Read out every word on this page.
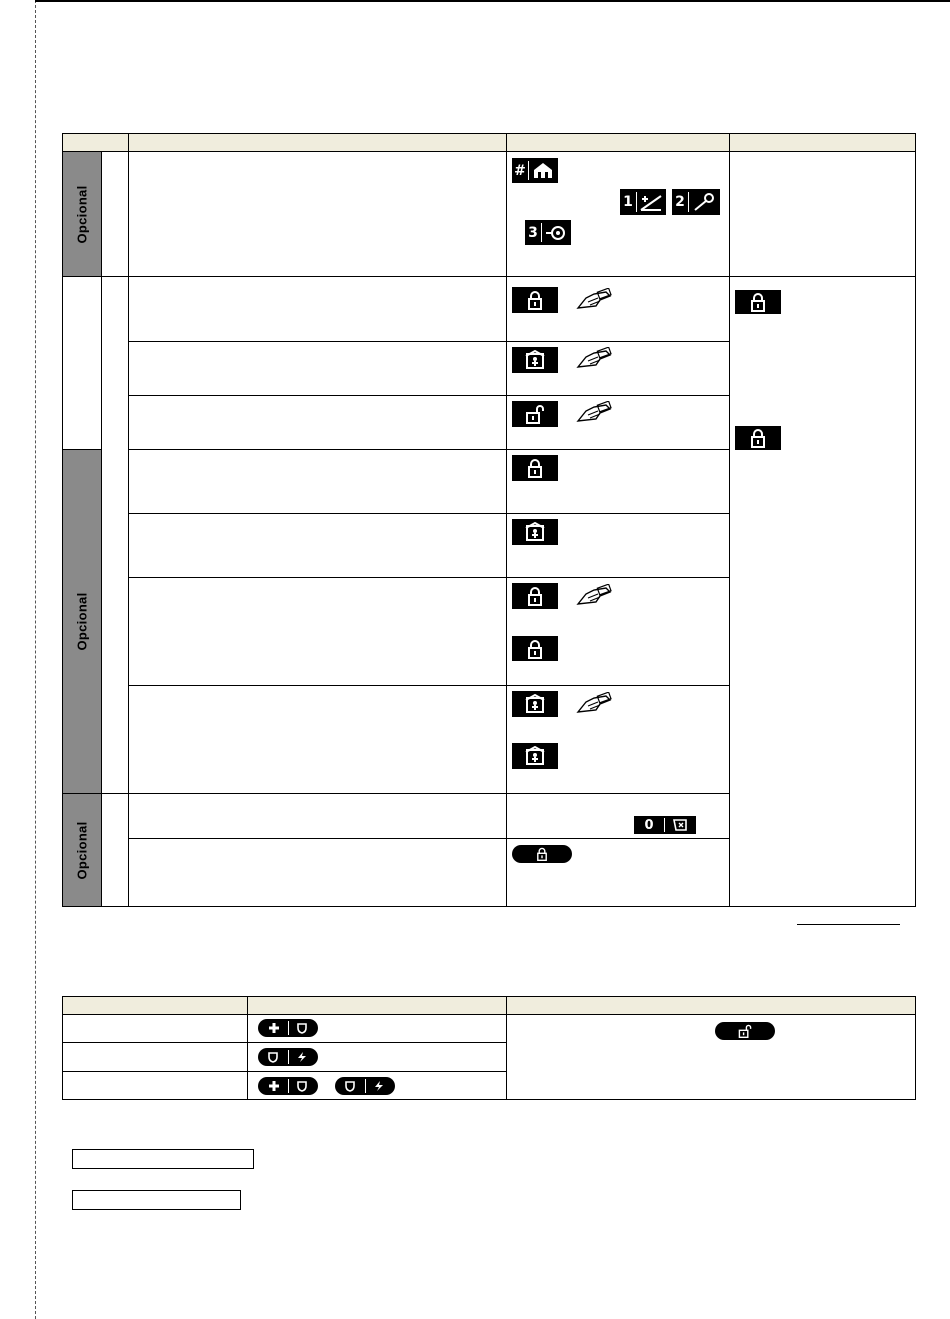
Opcional
Opcional
Opcional
#
1	2
3
0
